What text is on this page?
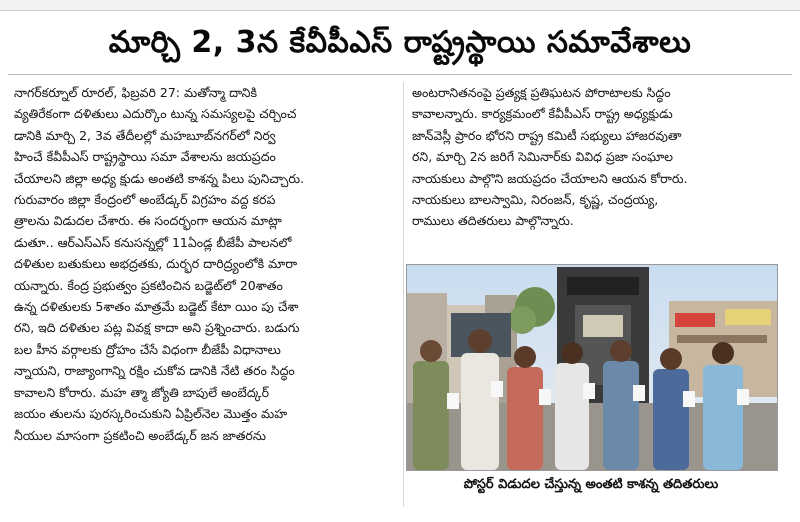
మార్చి 2, 3న కేవీపీఎస్ రాష్ట్రస్థాయి సమావేశాలు

నాగర్‌కర్నూల్ రూరల్, ఫిబ్రవరి 27: మతోన్మా దానికి

వ్యతిరేకంగా దళితులు ఎదుర్కొం టున్న సమస్యలపై చర్చించ

డానికి మార్చి 2, 3వ తేదీలల్లో మహబూబ్‌నగర్‌లో నిర్వ

హించే కేవీపీఎస్ రాష్ట్రస్థాయి సమా వేశాలను జయప్రదం

చేయాలని జిల్లా అధ్య క్షుడు అంతటి కాశన్న పిలు పునిచ్చారు.

గురువారం జిల్లా కేంద్రంలో అంబేడ్కర్ విగ్రహం వద్ద కరప

త్రాలను విడుదల చేశారు. ఈ సందర్భంగా ఆయన మాట్లా

డుతూ.. ఆర్‌ఎస్‌ఎస్ కనుసన్నల్లో 11ఏండ్ల బీజేపీ పాలనలో

దళితుల బతుకులు అభద్రతకు, దుర్భర దారిద్ర్యంలోకి మారా

యన్నారు. కేంద్ర ప్రభుత్వం ప్రకటించిన బడ్జెట్‌లో 20శాతం

ఉన్న దళితులకు 5శాతం మాత్రమే బడ్జెట్ కేటా యిం పు చేశా

రని, ఇది దళితుల పట్ల వివక్ష కాదా అని ప్రశ్నించారు. బడుగు

బల హీన వర్గాలకు ద్రోహం చేసే విధంగా బీజేపీ విధానాలు

న్నాయని, రాజ్యాంగాన్ని రక్షిం చుకోవ డానికి నేటి తరం సిద్ధం

కావాలని కోరారు. మహ త్మా జ్యోతి బాపులే అంబేద్కర్

జయం తులను పురస్కరించుకుని ఏప్రిల్‌నెల మొత్తం మహ

నీయుల మాసంగా ప్రకటించి అంబేడ్కర్ జన జాతరను

అంటరానితనంపై ప్రత్యక్ష ప్రతిఘటన పోరాటాలకు సిద్ధం

కావాలన్నారు. కార్యక్రమంలో కేవీపీఎస్ రాష్ట్ర అధ్యక్షుడు

జాన్‌వెస్లీ ప్రారం భోరని రాష్ట్ర కమిటీ సభ్యులు హాజరవుతా

రని, మార్చి 2న జరిగే సెమినార్‌కు వివిధ ప్రజా సంఘాల

నాయకులు పాల్గొని జయప్రదం చేయాలని ఆయన కోరారు.

నాయకులు బాలస్వామి, నిరంజన్, కృష్ణ, చంద్రయ్య,

రాములు తదితరులు పాల్గొన్నారు.

పోస్టర్ విడుదల చేస్తున్న అంతటి కాశన్న తదితరులు
